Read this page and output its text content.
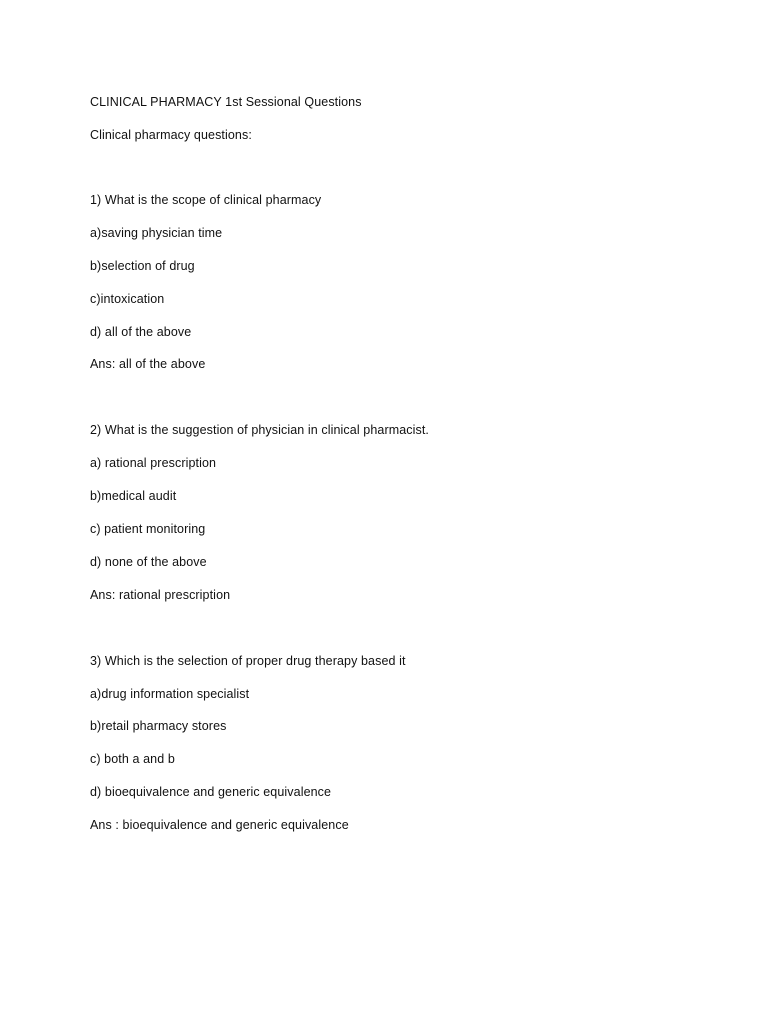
CLINICAL PHARMACY 1st Sessional Questions
Clinical pharmacy questions:
1) What is the scope of clinical pharmacy
a)saving physician time
b)selection of drug
c)intoxication
d) all of the above
Ans: all of the above
2) What is the suggestion of physician in clinical pharmacist.
a) rational prescription
b)medical audit
c) patient monitoring
d) none of the above
Ans: rational prescription
3) Which is the selection of proper drug therapy based it
a)drug information specialist
b)retail pharmacy stores
c) both a and b
d) bioequivalence and generic equivalence
Ans : bioequivalence and generic equivalence
